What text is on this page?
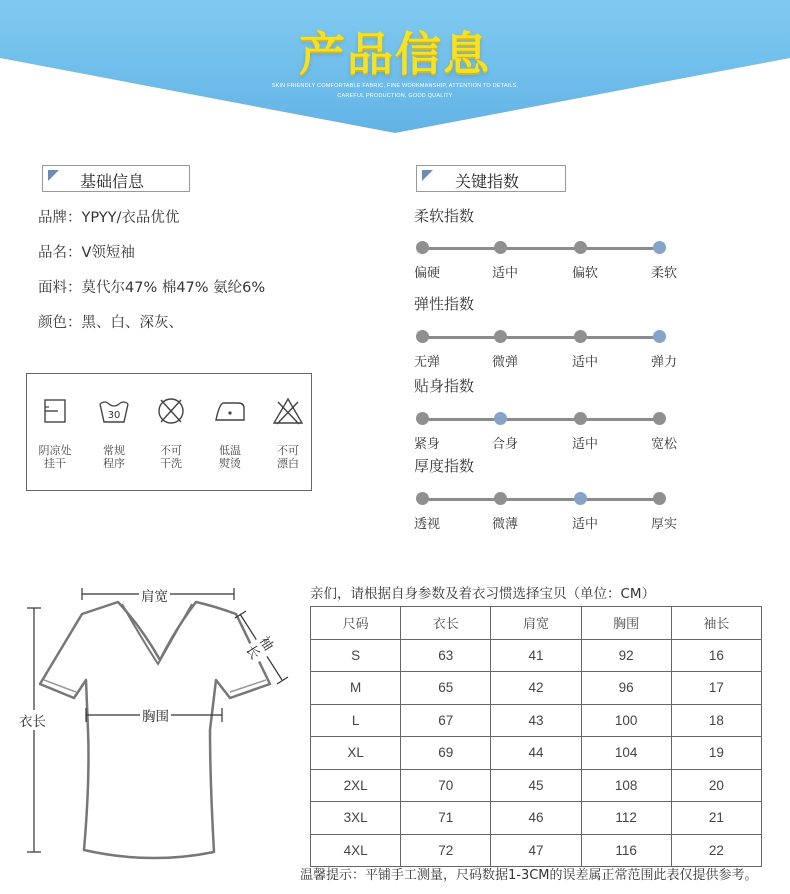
产品信息
SKIN FRIENDLY COMFORTABLE FABRIC, FINE WORKMANSHIP, ATTENTION TO DETAILS,
CAREFUL PRODUCTION, GOOD QUALITY
基础信息
品牌：YPYY/衣品优优
品名：V领短袖
面料：莫代尔47% 棉47% 氨纶6%
颜色：黑、白、深灰、
阴凉处
挂干
30
常规
程序
不可
干洗
低温
熨烫
不可
漂白
关键指数
柔软指数
偏硬	适中	偏软	柔软
弹性指数
无弹	微弹	适中	弹力
贴身指数
紧身	合身	适中	宽松
厚度指数
透视	微薄	适中	厚实
肩宽
袖长
胸围
衣长
亲们，请根据自身参数及着衣习惯选择宝贝（单位：CM）
尺码	衣长	肩宽	胸围	袖长
S	63	41	92	16
M	65	42	96	17
L	67	43	100	18
XL	69	44	104	19
2XL	70	45	108	20
3XL	71	46	112	21
4XL	72	47	116	22
温馨提示：平铺手工测量，尺码数据1-3CM的误差属正常范围此表仅提供参考。
